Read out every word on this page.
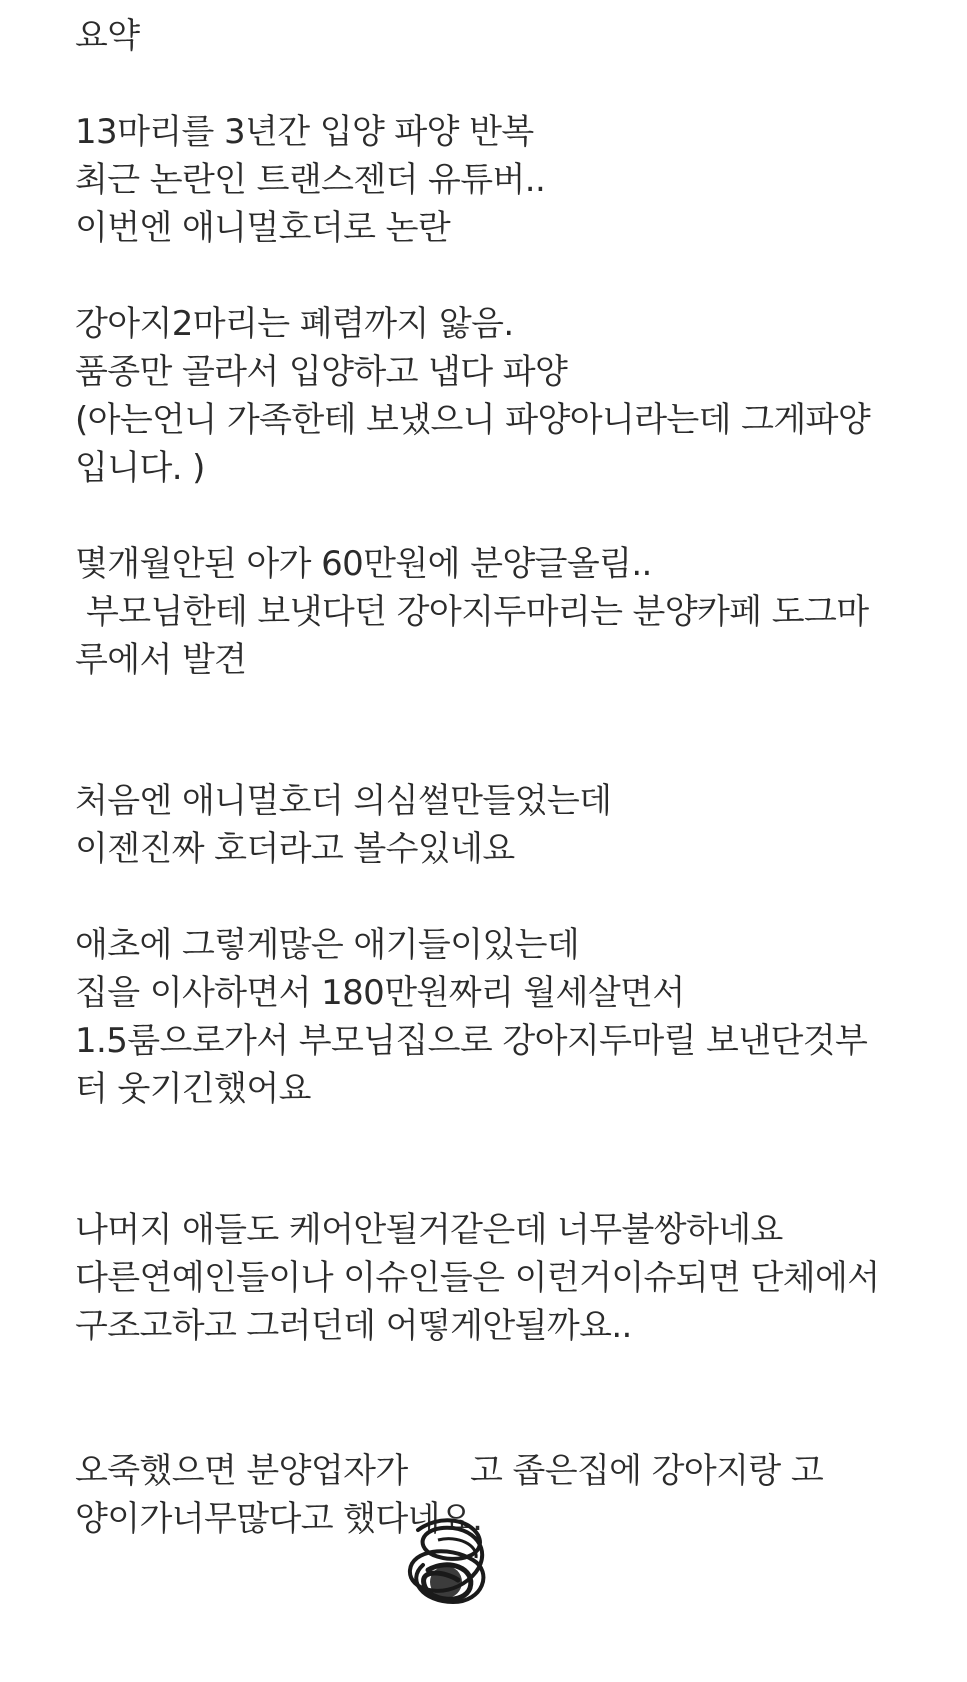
요약

13마리를 3년간 입양 파양 반복

최근 논란인 트랜스젠더 유튜버..

이번엔 애니멀호더로 논란

강아지2마리는 폐렴까지 앓음.

품종만 골라서 입양하고 냅다 파양

(아는언니 가족한테 보냈으니 파양아니라는데 그게파양

입니다. )

몇개월안된 아가 60만원에 분양글올림..

부모님한테 보냇다던 강아지두마리는 분양카페 도그마

루에서 발견

처음엔 애니멀호더 의심썰만들었는데

이젠진짜 호더라고 볼수있네요

애초에 그렇게많은 애기들이있는데

집을 이사하면서 180만원짜리 월세살면서

1.5룸으로가서 부모님집으로 강아지두마릴 보낸단것부

터 웃기긴했어요

나머지 애들도 케어안될거같은데 너무불쌍하네요

다른연예인들이나 이슈인들은 이런거이슈되면 단체에서

구조고하고 그러던데 어떻게안될까요..

오죽했으면 분양업자가 고 좁은집에 강아지랑 고

양이가너무많다고 했다네요.
